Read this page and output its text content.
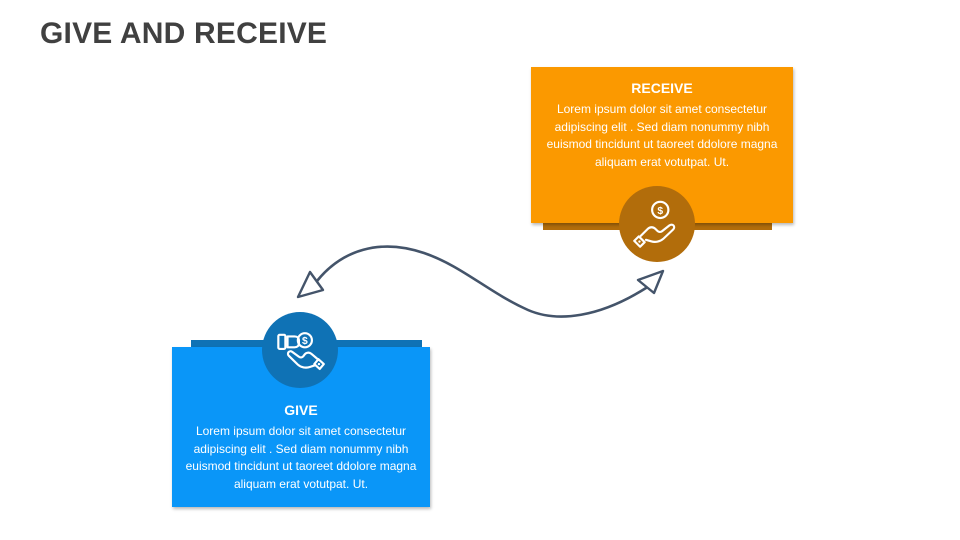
GIVE AND RECEIVE
RECEIVE

Lorem ipsum dolor sit amet consectetur adipiscing elit . Sed diam nonummy nibh euismod tincidunt ut taoreet ddolore magna aliquam erat votutpat. Ut.

$
GIVE

Lorem ipsum dolor sit amet consectetur adipiscing elit . Sed diam nonummy nibh euismod tincidunt ut taoreet ddolore magna aliquam erat votutpat. Ut.

$
